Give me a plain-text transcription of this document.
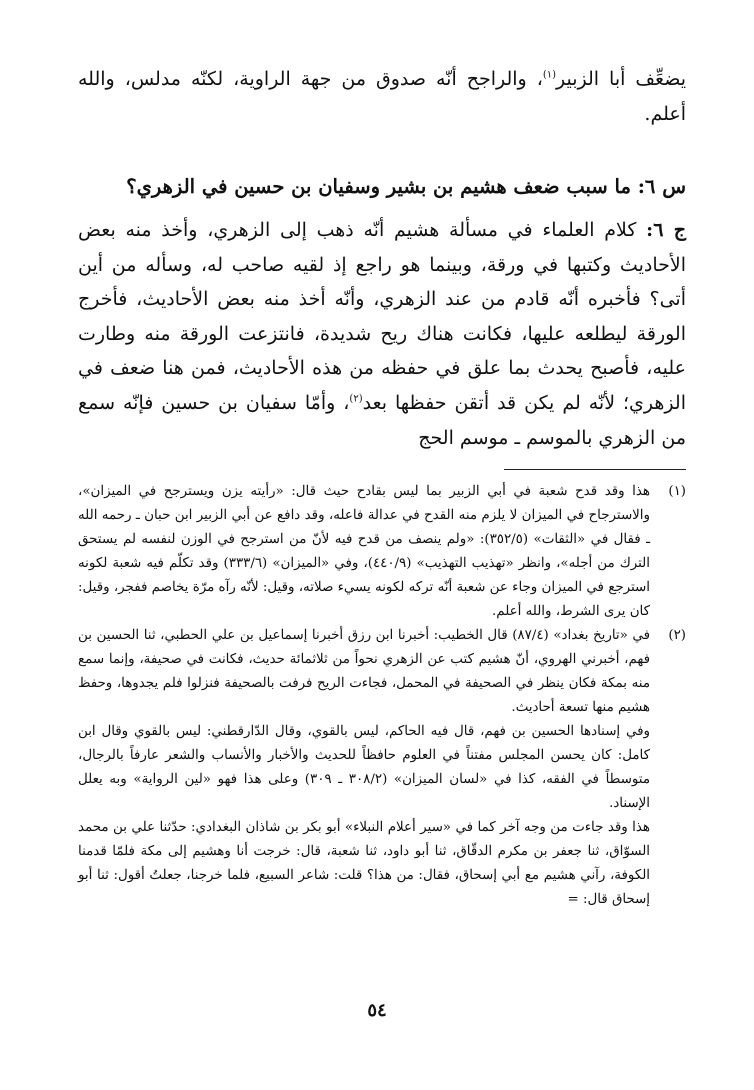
يضعِّف أبا الزبير$^{(١)}$، والراجح أنّه صدوق من جهة الراوية، لكنّه مدلس، والله أعلم.

س ٦: ما سبب ضعف هشيم بن بشير وسفيان بن حسين في الزهري؟

ج ٦: كلام العلماء في مسألة هشيم أنّه ذهب إلى الزهري، وأخذ منه بعض الأحاديث وكتبها في ورقة، وبينما هو راجع إذ لقيه صاحب له، وسأله من أين أتى؟ فأخبره أنّه قادم من عند الزهري، وأنّه أخذ منه بعض الأحاديث، فأخرج الورقة ليطلعه عليها، فكانت هناك ريح شديدة، فانتزعت الورقة منه وطارت عليه، فأصبح يحدث بما علق في حفظه من هذه الأحاديث، فمن هنا ضعف في الزهري؛ لأنّه لم يكن قد أتقن حفظها بعد$^{(٢)}$، وأمّا سفيان بن حسين فإنّه سمع من الزهري بالموسم ـ موسم الحج

(١)

هذا وقد قدح شعبة في أبي الزبير بما ليس بقادح حيث قال: «رأيته يزن ويسترجح في الميزان»، والاسترجاح في الميزان لا يلزم منه القدح في عدالة فاعله، وقد دافع عن أبي الزبير ابن حبان ـ رحمه الله ـ فقال في «الثقات» (٣٥٢/٥): «ولم ينصف من قدح فيه لأنّ من استرجح في الوزن لنفسه لم يستحق الترك من أجله»، وانظر «تهذيب التهذيب» (٤٤٠/٩)، وفي «الميزان» (٣٣٣/٦) وقد تكلّم فيه شعبة لكونه استرجع في الميزان وجاء عن شعبة أنّه تركه لكونه يسيء صلاته، وقيل: لأنّه رآه مرّة يخاصم ففجر، وقيل: كان يرى الشرط، والله أعلم.

(٢)

في «تاريخ بغداد» (٨٧/٤) قال الخطيب: أخبرنا ابن رزق أخبرنا إسماعيل بن علي الحطبي، ثنا الحسين بن فهم، أخبرني الهروي، أنّ هشيم كتب عن الزهري نحواً من ثلاثمائة حديث، فكانت في صحيفة، وإنما سمع منه بمكة فكان ينظر في الصحيفة في المحمل، فجاءت الريح فرفت بالصحيفة فنزلوا فلم يجدوها، وحفظ هشيم منها تسعة أحاديث.

وفي إسنادها الحسين بن فهم، قال فيه الحاكم، ليس بالقوي، وقال الدّارقطني: ليس بالقوي وقال ابن كامل: كان يحسن المجلس مفتناً في العلوم حافظاً للحديث والأخبار والأنساب والشعر عارفاً بالرجال، متوسطاً في الفقه، كذا في «لسان الميزان» (٣٠٨/٢ ـ ٣٠٩) وعلى هذا فهو «لين الرواية» وبه يعلل الإسناد.

هذا وقد جاءت من وجه آخر كما في «سير أعلام النبلاء» أبو بكر بن شاذان البغدادي: حدّثنا علي بن محمد السوّاق، ثنا جعفر بن مكرم الدقّاق، ثنا أبو داود، ثنا شعبة، قال: خرجت أنا وهشيم إلى مكة فلمّا قدمنا الكوفة، رآني هشيم مع أبي إسحاق، فقال: من هذا؟ قلت: شاعر السبيع، فلما خرجنا، جعلتُ أقول: ثنا أبو إسحاق قال: =

٥٤
